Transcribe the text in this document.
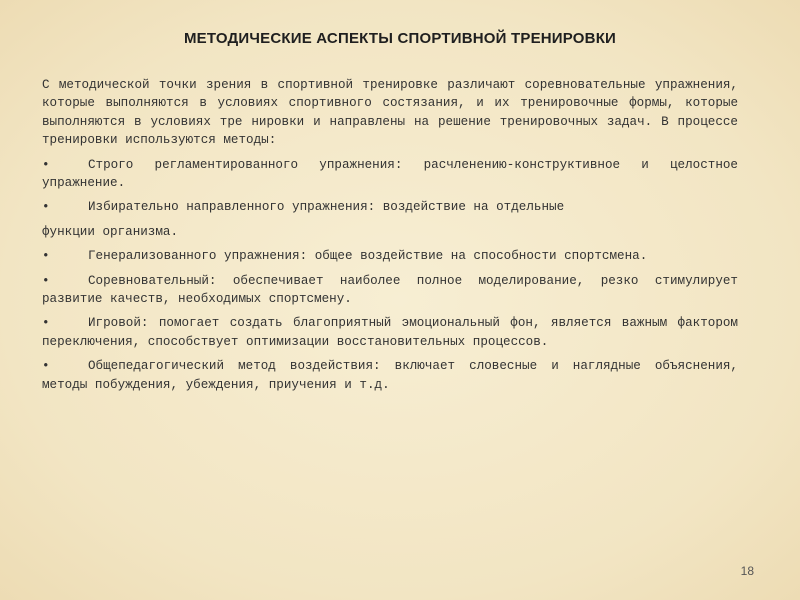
МЕТОДИЧЕСКИЕ АСПЕКТЫ СПОРТИВНОЙ ТРЕНИРОВКИ

С методической точки зрения в спортивной тренировке различают соревновательные упражнения, которые выполняются в условиях спортивного состязания, и их тренировочные формы, которые выполняются в условиях тре нировки и направлены на решение тренировочных задач. В процессе тренировки используются методы:

•	Строго регламентированного упражнения: расчленению-конструктивное и целостное упражнение.

•	Избирательно направленного упражнения: воздействие на отдельные

функции организма.

•	Генерализованного упражнения: общее воздействие на способности спортсмена.

•	Соревновательный: обеспечивает наиболее полное моделирование, резко стимулирует развитие качеств, необходимых спортсмену.

•	Игровой: помогает создать благоприятный эмоциональный фон, является важным фактором переключения, способствует оптимизации восстановительных процессов.

•	Общепедагогический метод воздействия: включает словесные и наглядные объяснения, методы побуждения, убеждения, приучения и т.д.

18
